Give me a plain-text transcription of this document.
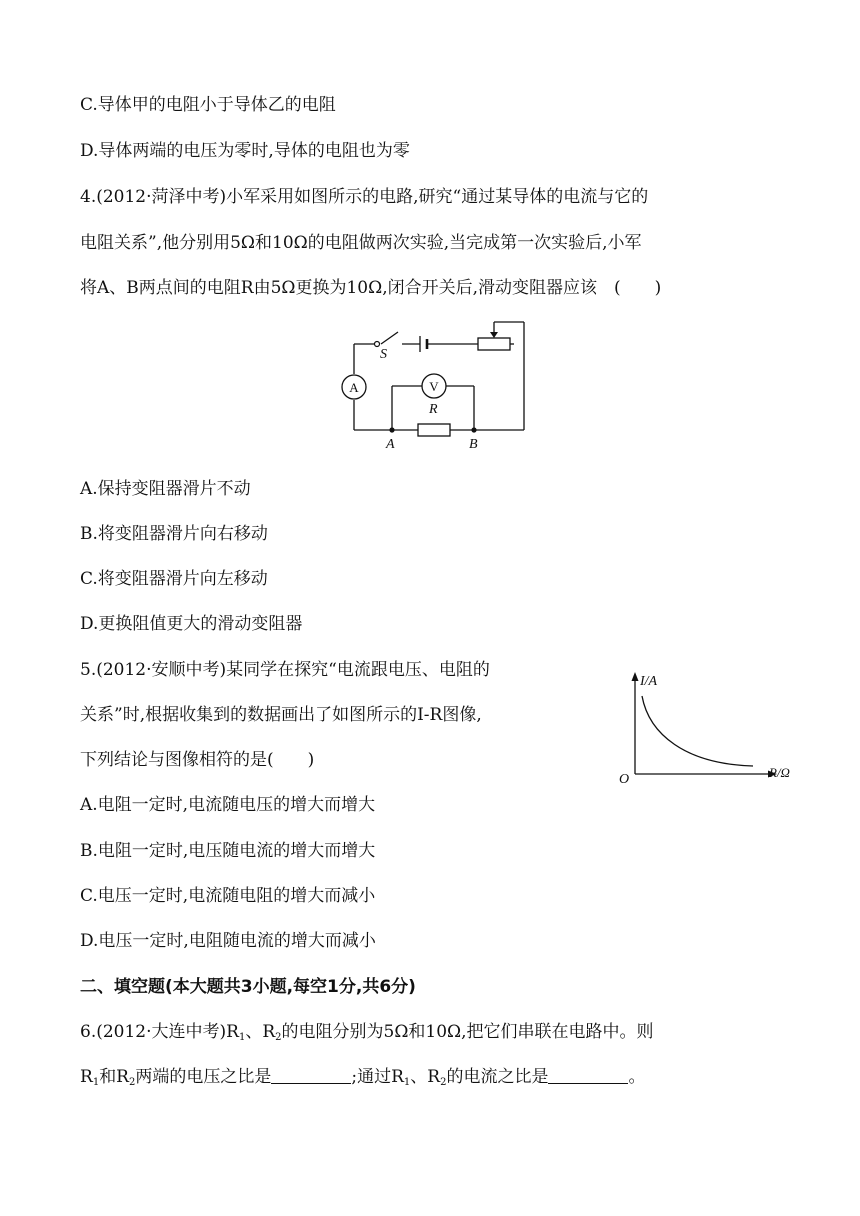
C.导体甲的电阻小于导体乙的电阻
D.导体两端的电压为零时,导体的电阻也为零
4.(2012·菏泽中考)小军采用如图所示的电路,研究“通过某导体的电流与它的
电阻关系”,他分别用5Ω和10Ω的电阻做两次实验,当完成第一次实验后,小军
将A、B两点间的电阻R由5Ω更换为10Ω,闭合开关后,滑动变阻器应该　(　　)
A	V
S
R
A	B
A.保持变阻器滑片不动
B.将变阻器滑片向右移动
C.将变阻器滑片向左移动
D.更换阻值更大的滑动变阻器
5.(2012·安顺中考)某同学在探究“电流跟电压、电阻的
关系”时,根据收集到的数据画出了如图所示的I-R图像,
下列结论与图像相符的是(　　)
I/A
R/Ω
O
A.电阻一定时,电流随电压的增大而增大
B.电阻一定时,电压随电流的增大而增大
C.电压一定时,电流随电阻的增大而减小
D.电压一定时,电阻随电流的增大而减小
二、填空题(本大题共3小题,每空1分,共6分)
6.(2012·大连中考)$R_1$、$R_2$的电阻分别为5Ω和10Ω,把它们串联在电路中。则
$R_1$和$R_2$两端的电压之比是	;通过$R_1$、$R_2$的电流之比是	。
